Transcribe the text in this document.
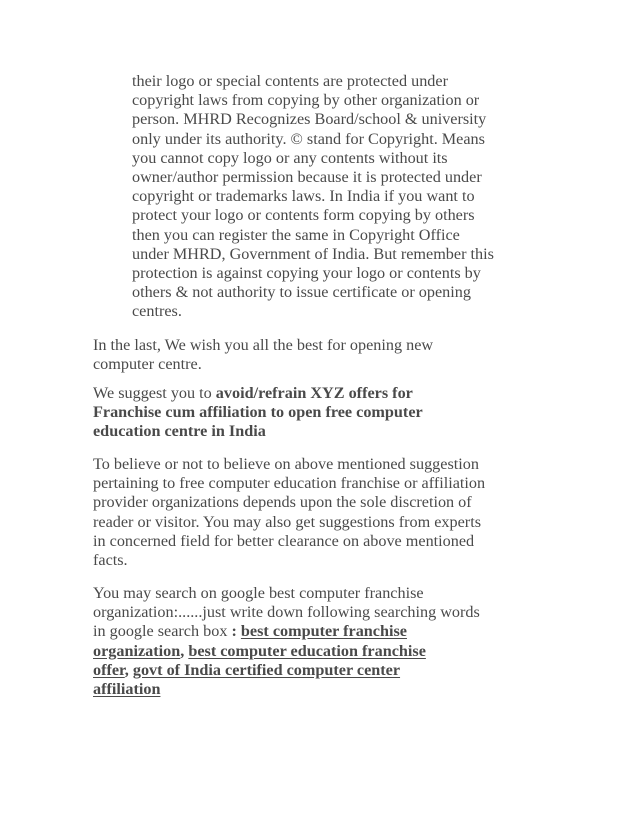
their logo or special contents are protected under
copyright laws from copying by other organization or
person. MHRD Recognizes Board/school & university
only under its authority. © stand for Copyright. Means
you cannot copy logo or any contents without its
owner/author permission because it is protected under
copyright or trademarks laws. In India if you want to
protect your logo or contents form copying by others
then you can register the same in Copyright Office
under MHRD, Government of India. But remember this
protection is against copying your logo or contents by
others & not authority to issue certificate or opening
centres.
In the last, We wish you all the best for opening new
computer centre.
We suggest you to avoid/refrain XYZ offers for
Franchise cum affiliation to open free computer
education centre in India
To believe or not to believe on above mentioned suggestion
pertaining to free computer education franchise or affiliation
provider organizations depends upon the sole discretion of
reader or visitor. You may also get suggestions from experts
in concerned field for better clearance on above mentioned
facts.
You may search on google best computer franchise
organization:......just write down following searching words
in google search box : best computer franchise
organization, best computer education franchise
offer, govt of India certified computer center
affiliation
